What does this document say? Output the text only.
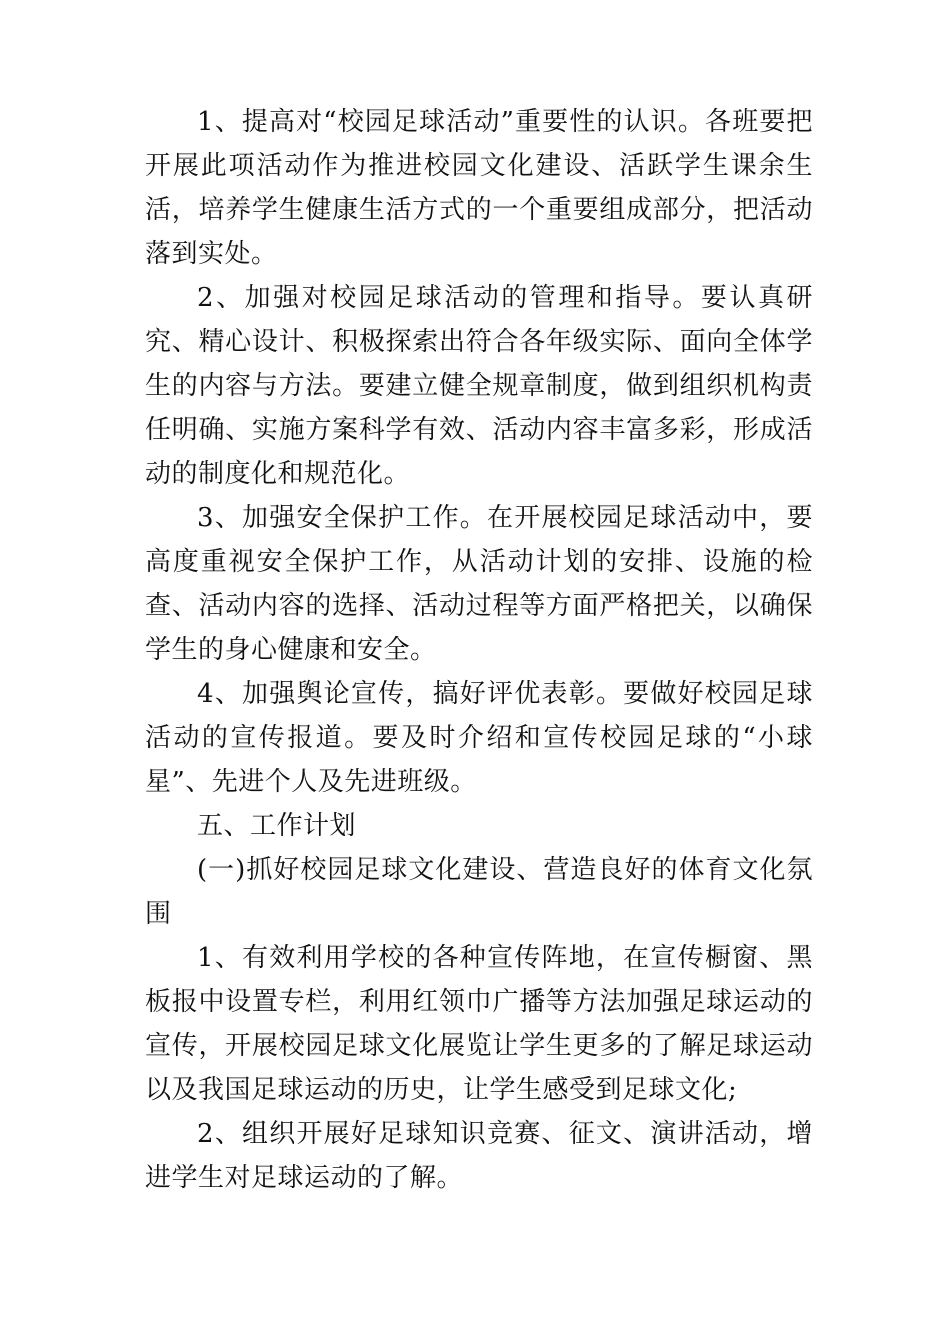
1、提高对“校园足球活动”重要性的认识。各班要把开展此项活动作为推进校园文化建设、活跃学生课余生活，培养学生健康生活方式的一个重要组成部分，把活动落到实处。

2、加强对校园足球活动的管理和指导。要认真研究、精心设计、积极探索出符合各年级实际、面向全体学生的内容与方法。要建立健全规章制度，做到组织机构责任明确、实施方案科学有效、活动内容丰富多彩，形成活动的制度化和规范化。

3、加强安全保护工作。在开展校园足球活动中，要高度重视安全保护工作，从活动计划的安排、设施的检查、活动内容的选择、活动过程等方面严格把关，以确保学生的身心健康和安全。

4、加强舆论宣传，搞好评优表彰。要做好校园足球活动的宣传报道。要及时介绍和宣传校园足球的“小球星”、先进个人及先进班级。

五、工作计划

(一)抓好校园足球文化建设、营造良好的体育文化氛围

1、有效利用学校的各种宣传阵地，在宣传橱窗、黑板报中设置专栏，利用红领巾广播等方法加强足球运动的宣传，开展校园足球文化展览让学生更多的了解足球运动以及我国足球运动的历史，让学生感受到足球文化;

2、组织开展好足球知识竞赛、征文、演讲活动，增进学生对足球运动的了解。
